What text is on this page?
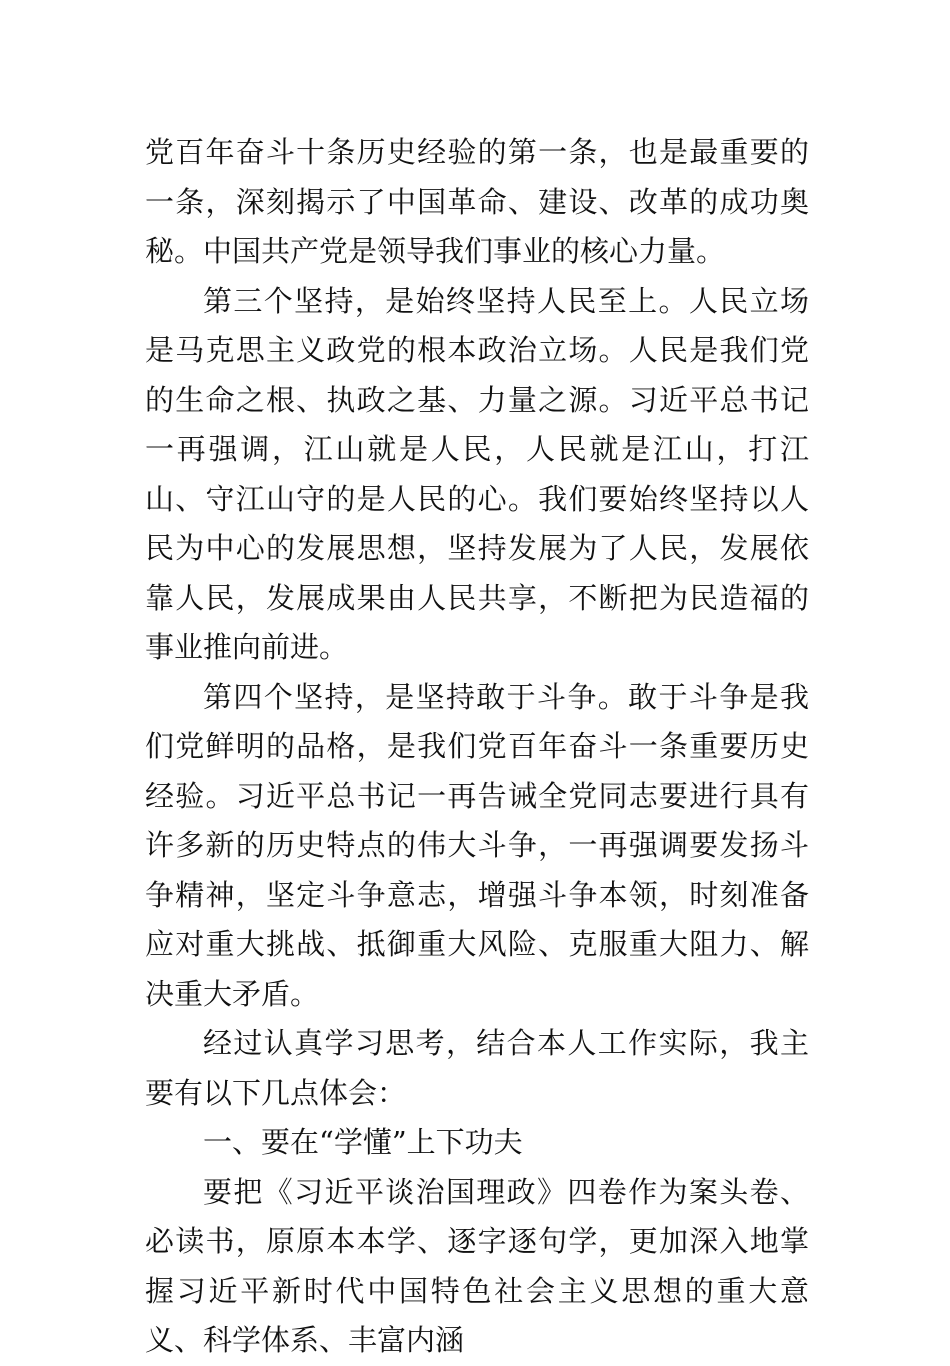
党百年奋斗十条历史经验的第一条，也是最重要的一条，深刻揭示了中国革命、建设、改革的成功奥秘。中国共产党是领导我们事业的核心力量。

第三个坚持，是始终坚持人民至上。人民立场是马克思主义政党的根本政治立场。人民是我们党的生命之根、执政之基、力量之源。习近平总书记一再强调，江山就是人民，人民就是江山，打江山、守江山守的是人民的心。我们要始终坚持以人民为中心的发展思想，坚持发展为了人民，发展依靠人民，发展成果由人民共享，不断把为民造福的事业推向前进。

第四个坚持，是坚持敢于斗争。敢于斗争是我们党鲜明的品格，是我们党百年奋斗一条重要历史经验。习近平总书记一再告诫全党同志要进行具有许多新的历史特点的伟大斗争，一再强调要发扬斗争精神，坚定斗争意志，增强斗争本领，时刻准备应对重大挑战、抵御重大风险、克服重大阻力、解决重大矛盾。

经过认真学习思考，结合本人工作实际，我主要有以下几点体会：

一、要在“学懂”上下功夫

要把《习近平谈治国理政》四卷作为案头卷、必读书，原原本本学、逐字逐句学，更加深入地掌握习近平新时代中国特色社会主义思想的重大意义、科学体系、丰富内涵
